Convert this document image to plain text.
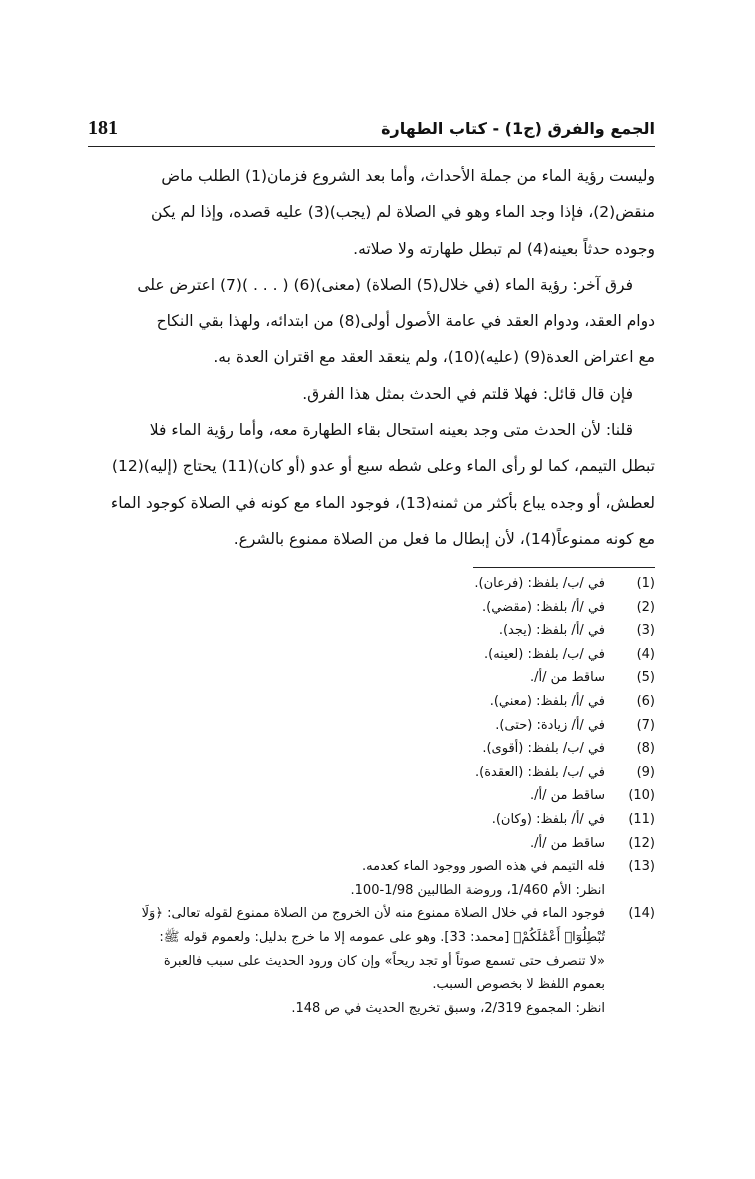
181	الجمع والفرق (ج1) - كتاب الطهارة

وليست رؤية الماء من جملة الأحداث، وأما بعد الشروع فزمان(1) الطلب ماض

منقض(2)، فإذا وجد الماء وهو في الصلاة لم (يجب)(3) عليه قصده، وإذا لم يكن

وجوده حدثاً بعينه(4) لم تبطل طهارته ولا صلاته.

فرق آخر: رؤية الماء (في خلال(5) الصلاة) (معنى)(6) ( . . . )(7) اعترض على

دوام العقد، ودوام العقد في عامة الأصول أولى(8) من ابتدائه، ولهذا بقي النكاح

مع اعتراض العدة(9) (عليه)(10)، ولم ينعقد العقد مع اقتران العدة به.

فإن قال قائل: فهلا قلتم في الحدث بمثل هذا الفرق.

قلنا: لأن الحدث متى وجد بعينه استحال بقاء الطهارة معه، وأما رؤية الماء فلا

تبطل التيمم، كما لو رأى الماء وعلى شطه سبع أو عدو (أو كان)(11) يحتاج (إليه)(12)

لعطش، أو وجده يباع بأكثر من ثمنه(13)، فوجود الماء مع كونه في الصلاة كوجود الماء

مع كونه ممنوعاً(14)، لأن إبطال ما فعل من الصلاة ممنوع بالشرع.

(1)
في /ب/ بلفظ: (فرعان).
(2)
في /أ/ بلفظ: (مقضي).
(3)
في /أ/ بلفظ: (يجد).
(4)
في /ب/ بلفظ: (لعينه).
(5)
ساقط من /أ/.
(6)
في /أ/ بلفظ: (معني).
(7)
في /أ/ زيادة: (حتى).
(8)
في /ب/ بلفظ: (أقوى).
(9)
في /ب/ بلفظ: (العقدة).
(10)
ساقط من /أ/.
(11)
في /أ/ بلفظ: (وكان).
(12)
ساقط من /أ/.
(13)
فله التيمم في هذه الصور ووجود الماء كعدمه.
انظر: الأم 1/460، وروضة الطالبين 1/98-100.
(14)
فوجود الماء في خلال الصلاة ممنوع منه لأن الخروج من الصلاة ممنوع لقوله تعالى: ﴿وَلَا
تُبْطِلُوٓا۟ أَعْمَٰلَكُمْ﴾ [محمد: 33]. وهو على عمومه إلا ما خرج بدليل: ولعموم قوله ﷺ:
«لا تنصرف حتى تسمع صوتاً أو تجد ريحاً» وإن كان ورود الحديث على سبب فالعبرة
بعموم اللفظ لا بخصوص السبب.
انظر: المجموع 2/319، وسبق تخريج الحديث في ص 148.
